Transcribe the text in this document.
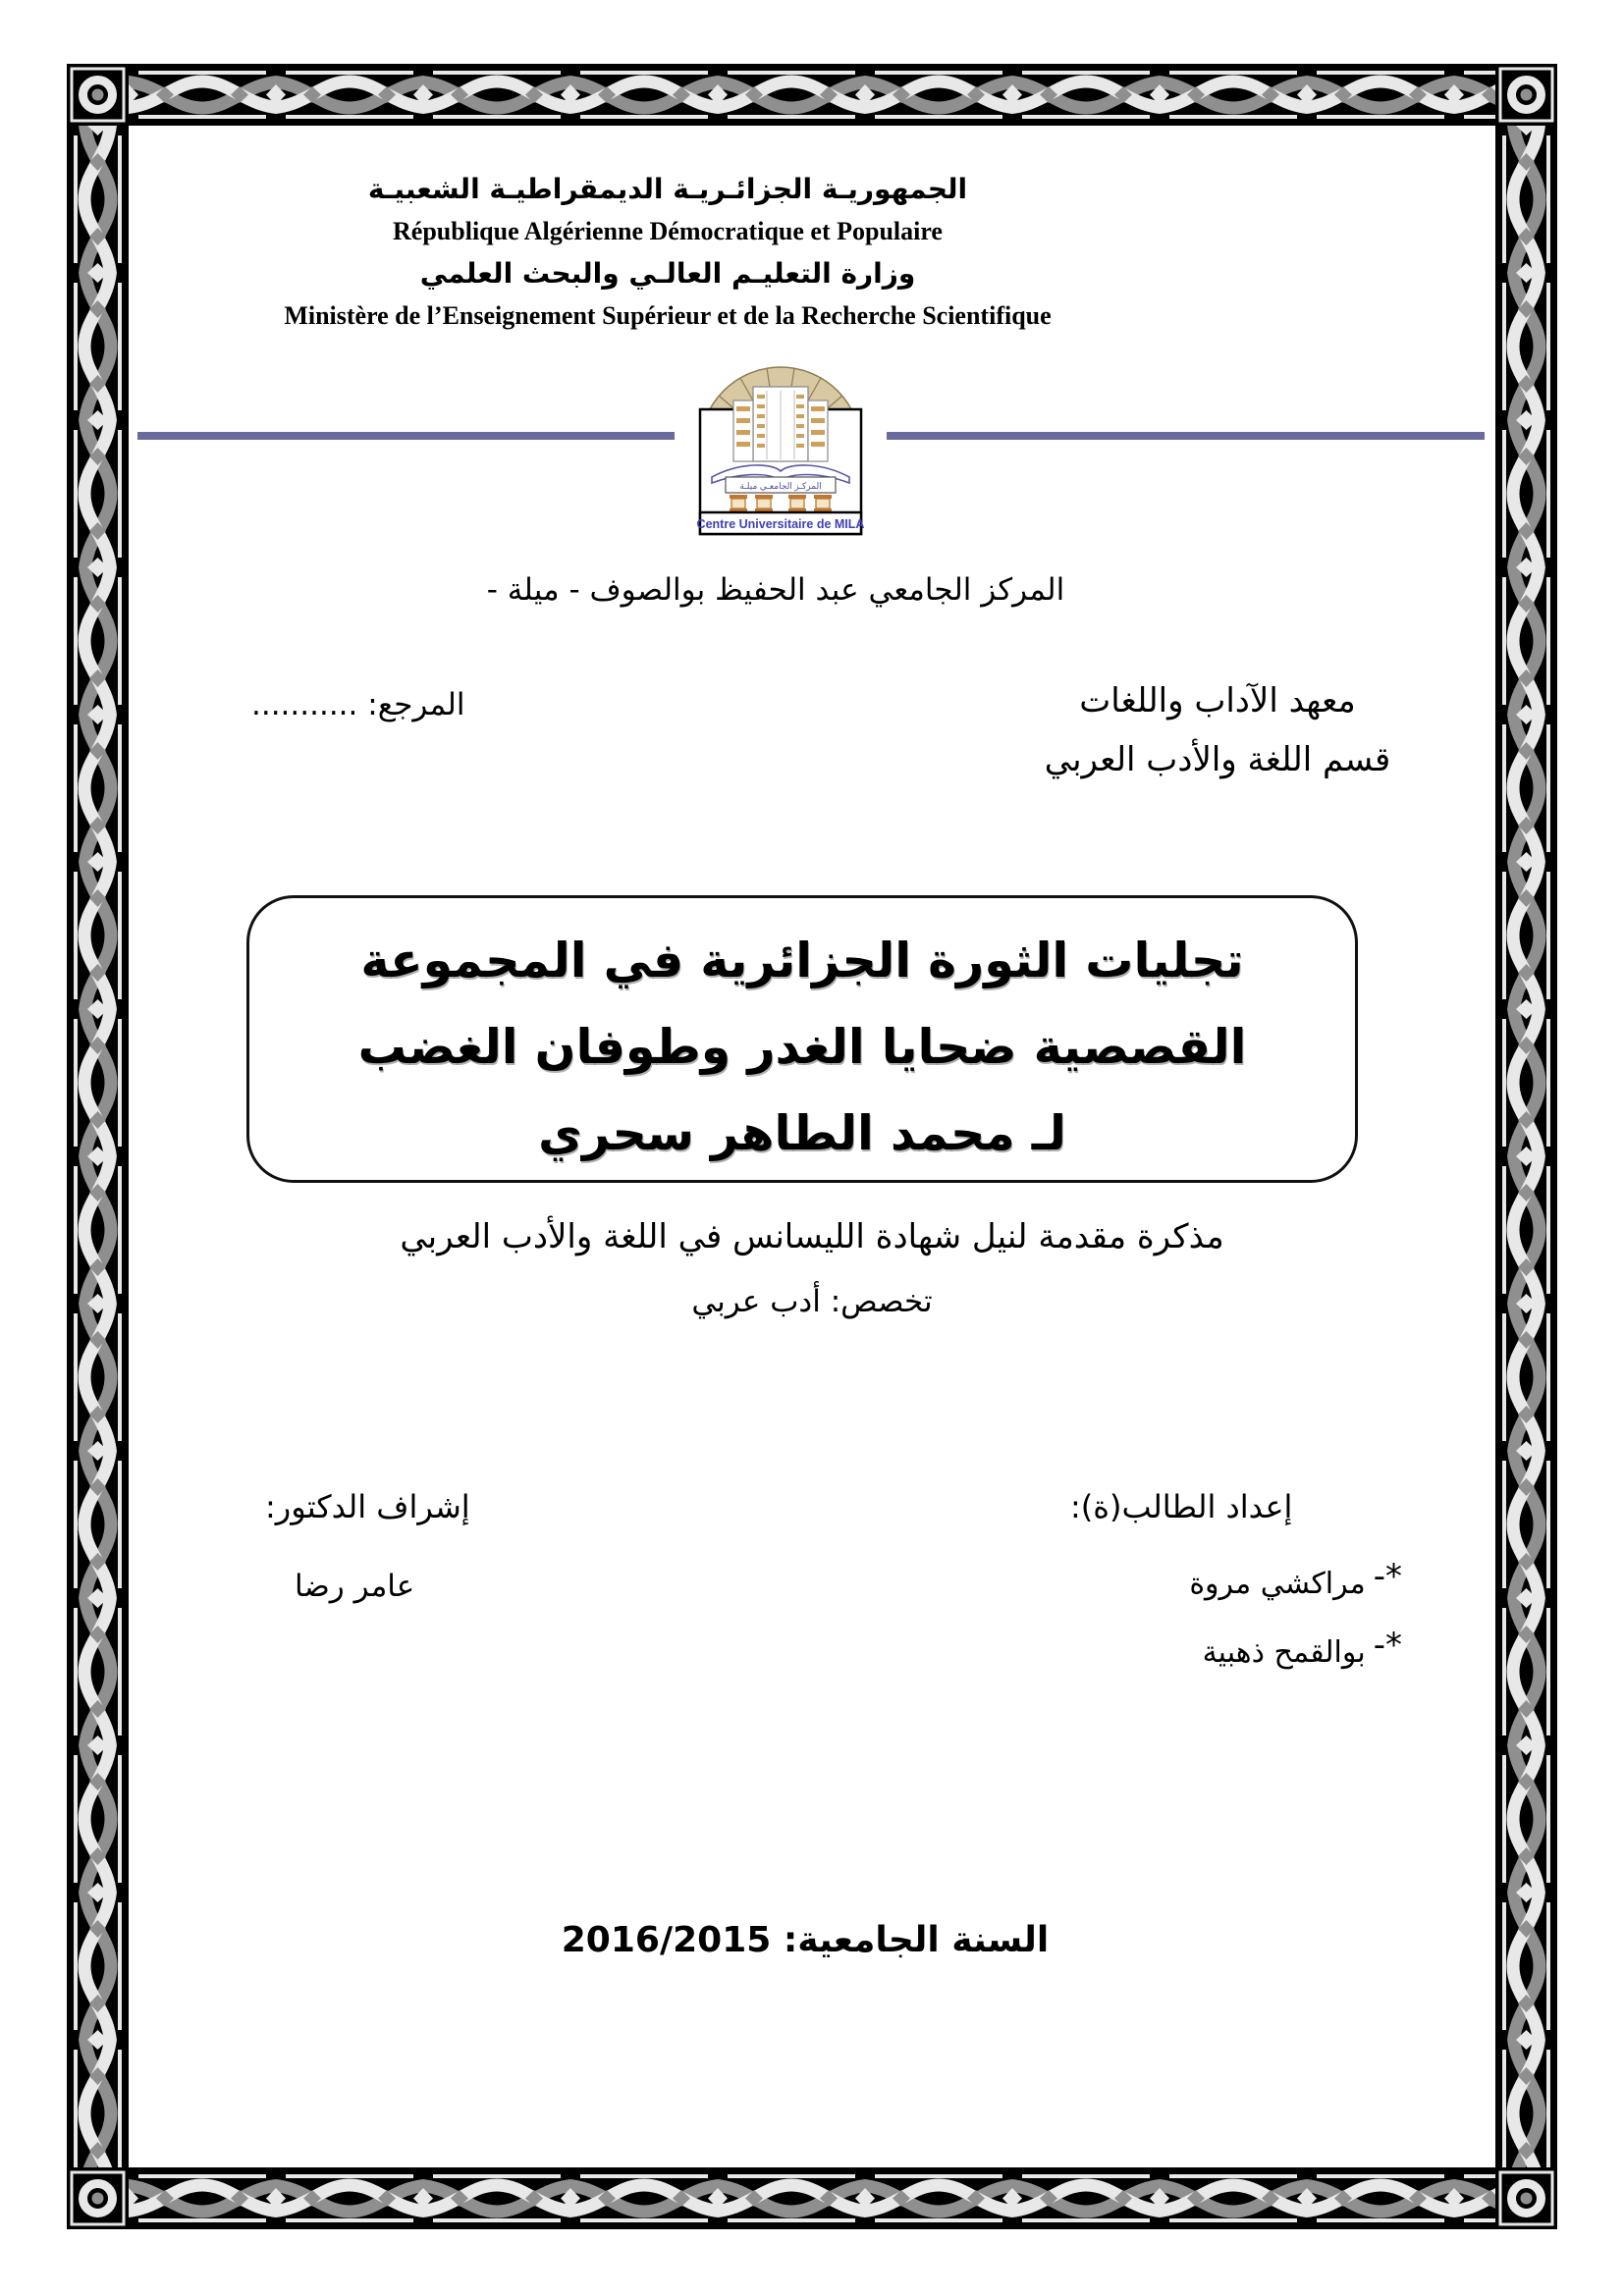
الجمهوريـة الجزائـريـة الديمقراطيـة الشعبيـة
République Algérienne Démocratique et Populaire
وزارة التعليـم العالـي والبحث العلمي
Ministère de l’Enseignement Supérieur et de la Recherche Scientifique
المركـز الجامعـي ميلـة
Centre Universitaire de MILA
المركز الجامعي عبد الحفيظ بوالصوف - ميلة -
معهد الآداب واللغات
قسم اللغة والأدب العربي
المرجع: ...........
تجليات الثورة الجزائرية في المجموعة
القصصية ضحايا الغدر وطوفان الغضب
لـ محمد الطاهر سحري
مذكرة مقدمة لنيل شهادة الليسانس في اللغة والأدب العربي
تخصص: أدب عربي
إعداد الطالب(ة):
إشراف الدكتور:
*-مراكشي مروة
*-بوالقمح ذهبية
عامر رضا
السنة الجامعية: 2016/2015
